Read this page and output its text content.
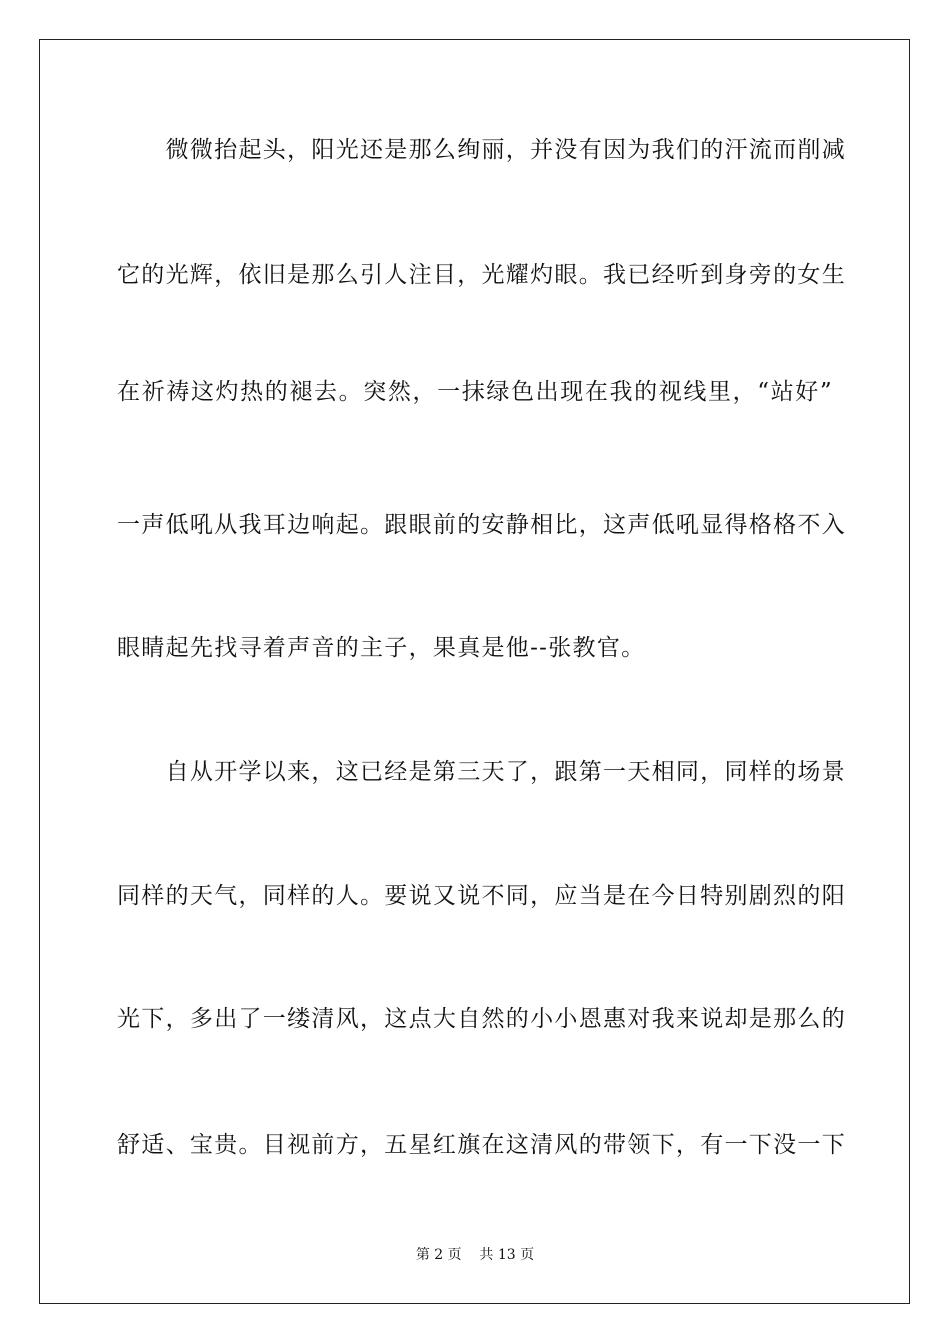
　　微微抬起头，阳光还是那么绚丽，并没有因为我们的汗流而削减
它的光辉，依旧是那么引人注目，光耀灼眼。我已经听到身旁的女生
在祈祷这灼热的褪去。突然，一抹绿色出现在我的视线里，“站好”
一声低吼从我耳边响起。跟眼前的安静相比，这声低吼显得格格不入
眼睛起先找寻着声音的主子，果真是他--张教官。
　　自从开学以来，这已经是第三天了，跟第一天相同，同样的场景
同样的天气，同样的人。要说又说不同，应当是在今日特别剧烈的阳
光下，多出了一缕清风，这点大自然的小小恩惠对我来说却是那么的
舒适、宝贵。目视前方，五星红旗在这清风的带领下，有一下没一下
第 2 页    共 13 页
